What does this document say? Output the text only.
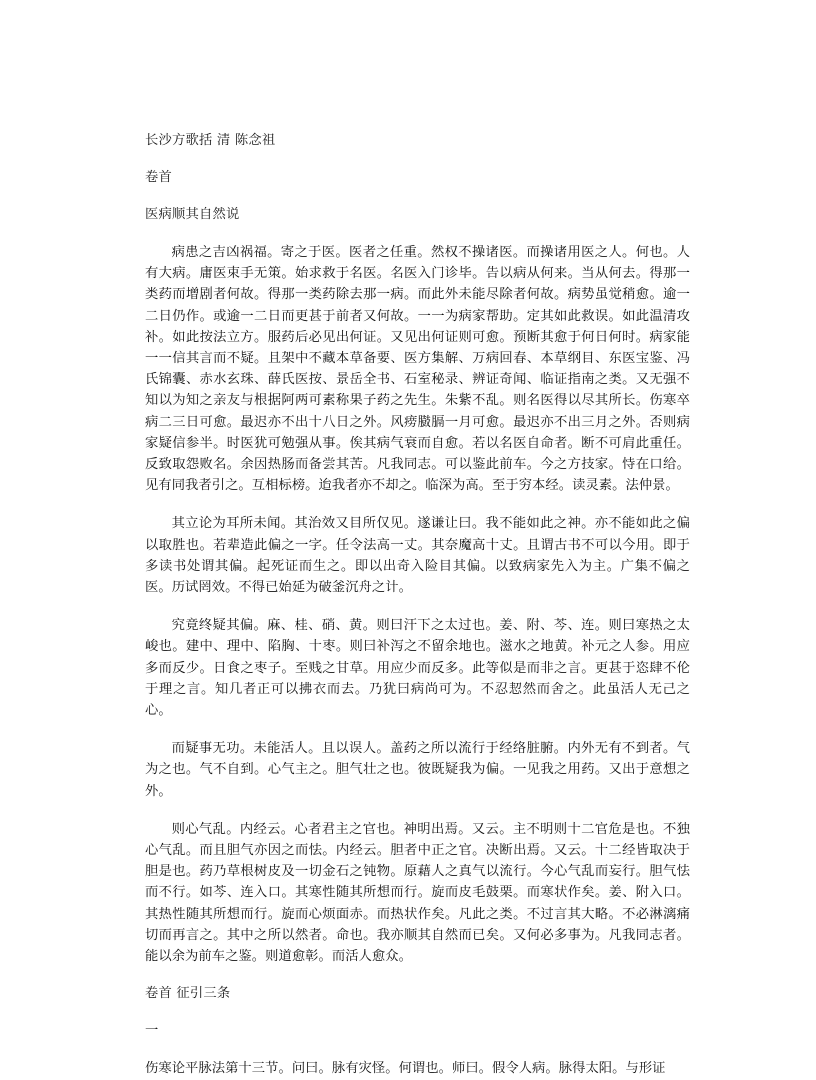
长沙方歌括 清 陈念祖
卷首
医病顺其自然说

病患之吉凶祸福。寄之于医。医者之任重。然权不操诸医。而操诸用医之人。何也。人有大病。庸医束手无策。始求救于名医。名医入门诊毕。告以病从何来。当从何去。得那一类药而增剧者何故。得那一类药除去那一病。而此外未能尽除者何故。病势虽觉稍愈。逾一二日仍作。或逾一二日而更甚于前者又何故。一一为病家帮助。定其如此救误。如此温清攻补。如此按法立方。服药后必见出何证。又见出何证则可愈。预断其愈于何日何时。病家能一一信其言而不疑。且架中不藏本草备要、医方集解、万病回春、本草纲目、东医宝鉴、冯氏锦囊、赤水玄珠、薛氏医按、景岳全书、石室秘录、辨证奇闻、临证指南之类。又无强不知以为知之亲友与根据阿两可素称果子药之先生。朱紫不乱。则名医得以尽其所长。伤寒卒病二三日可愈。最迟亦不出十八日之外。风痨臌膈一月可愈。最迟亦不出三月之外。否则病家疑信参半。时医犹可勉强从事。俟其病气衰而自愈。若以名医自命者。断不可肩此重任。反致取怨败名。余因热肠而备尝其苦。凡我同志。可以鉴此前车。今之方技家。恃在口给。见有同我者引之。互相标榜。迨我者亦不却之。临深为高。至于穷本经。读灵素。法仲景。

其立论为耳所未闻。其治效又目所仅见。遂谦让曰。我不能如此之神。亦不能如此之偏以取胜也。若辈造此偏之一字。任令法高一丈。其奈魔高十丈。且谓古书不可以今用。即于多读书处谓其偏。起死证而生之。即以出奇入险目其偏。以致病家先入为主。广集不偏之医。历试罔效。不得已始延为破釜沉舟之计。

究竟终疑其偏。麻、桂、硝、黄。则曰汗下之太过也。姜、附、芩、连。则曰寒热之太峻也。建中、理中、陷胸、十枣。则曰补泻之不留余地也。滋水之地黄。补元之人参。用应多而反少。日食之枣子。至贱之甘草。用应少而反多。此等似是而非之言。更甚于恣肆不伦于理之言。知几者正可以拂衣而去。乃犹曰病尚可为。不忍恝然而舍之。此虽活人无己之心。

而疑事无功。未能活人。且以误人。盖药之所以流行于经络脏腑。内外无有不到者。气为之也。气不自到。心气主之。胆气壮之也。彼既疑我为偏。一见我之用药。又出于意想之外。

则心气乱。内经云。心者君主之官也。神明出焉。又云。主不明则十二官危是也。不独心气乱。而且胆气亦因之而怯。内经云。胆者中正之官。决断出焉。又云。十二经皆取决于胆是也。药乃草根树皮及一切金石之钝物。原藉人之真气以流行。今心气乱而妄行。胆气怯而不行。如芩、连入口。其寒性随其所想而行。旋而皮毛鼓栗。而寒状作矣。姜、附入口。其热性随其所想而行。旋而心烦面赤。而热状作矣。凡此之类。不过言其大略。不必淋漓痛切而再言之。其中之所以然者。命也。我亦顺其自然而已矣。又何必多事为。凡我同志者。能以余为前车之鉴。则道愈彰。而活人愈众。

卷首 征引三条
一

伤寒论平脉法第十三节。问曰。脉有灾怪。何谓也。师曰。假令人病。脉得太阳。与形证
